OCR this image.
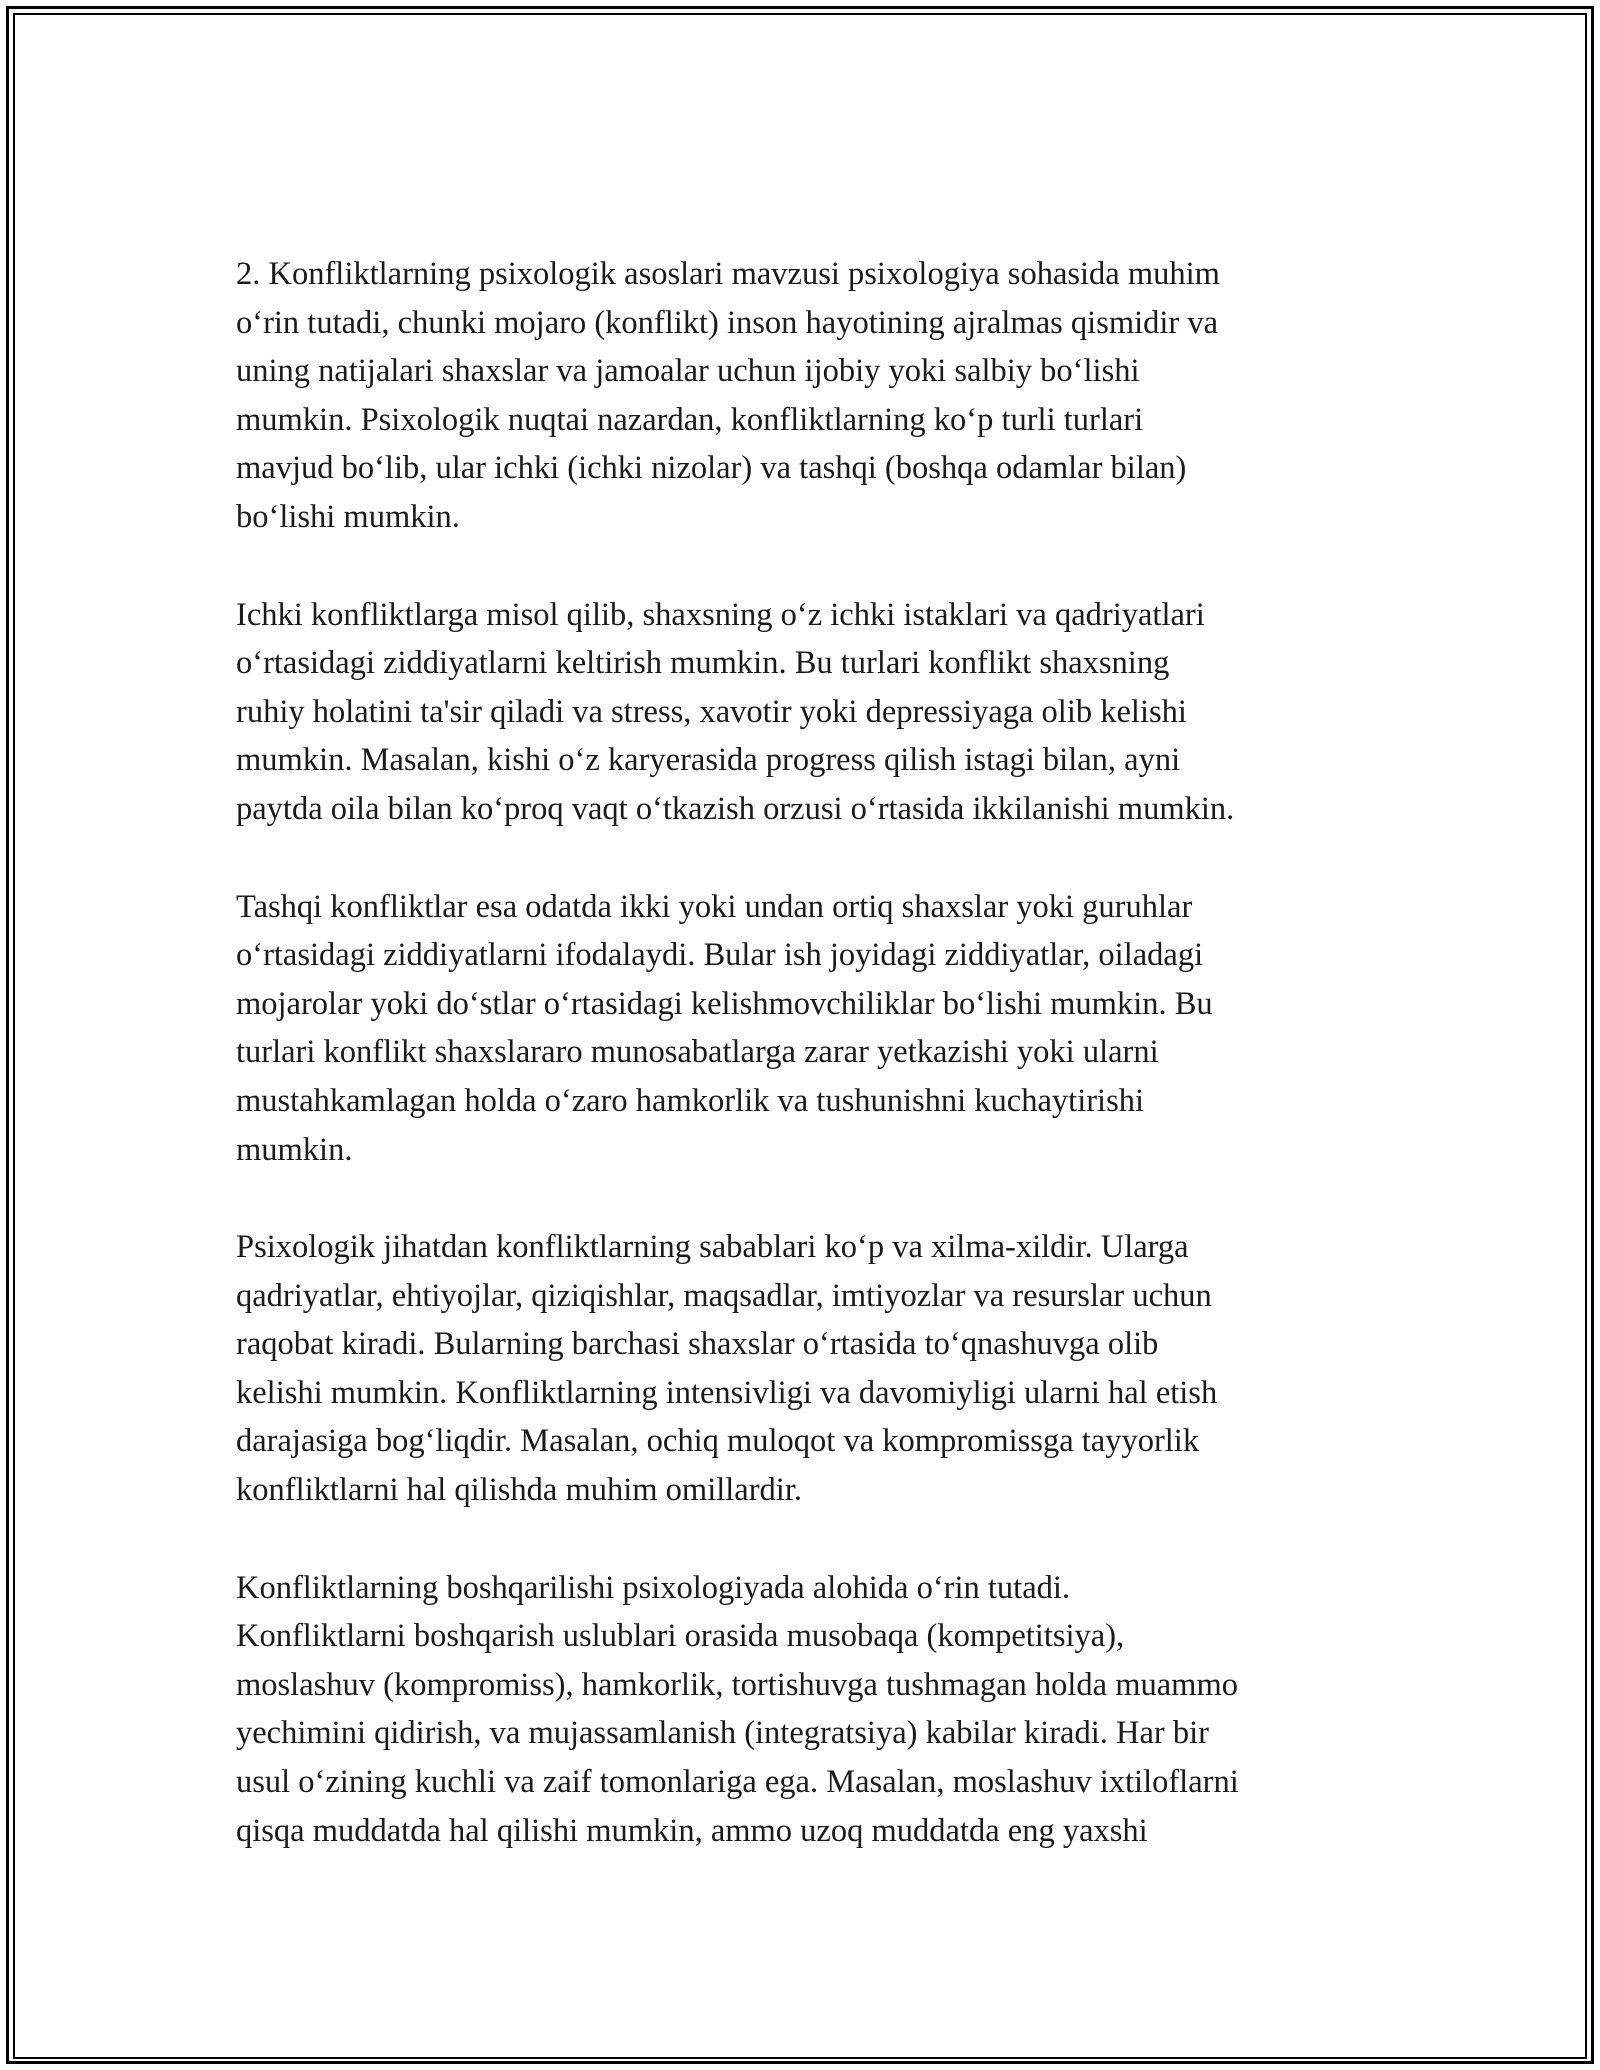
2. Konfliktlarning psixologik asoslari mavzusi psixologiya sohasida muhim
o‘rin tutadi, chunki mojaro (konflikt) inson hayotining ajralmas qismidir va
uning natijalari shaxslar va jamoalar uchun ijobiy yoki salbiy bo‘lishi
mumkin. Psixologik nuqtai nazardan, konfliktlarning ko‘p turli turlari
mavjud bo‘lib, ular ichki (ichki nizolar) va tashqi (boshqa odamlar bilan)
bo‘lishi mumkin.

Ichki konfliktlarga misol qilib, shaxsning o‘z ichki istaklari va qadriyatlari
o‘rtasidagi ziddiyatlarni keltirish mumkin. Bu turlari konflikt shaxsning
ruhiy holatini ta'sir qiladi va stress, xavotir yoki depressiyaga olib kelishi
mumkin. Masalan, kishi o‘z karyerasida progress qilish istagi bilan, ayni
paytda oila bilan ko‘proq vaqt o‘tkazish orzusi o‘rtasida ikkilanishi mumkin.

Tashqi konfliktlar esa odatda ikki yoki undan ortiq shaxslar yoki guruhlar
o‘rtasidagi ziddiyatlarni ifodalaydi. Bular ish joyidagi ziddiyatlar, oiladagi
mojarolar yoki do‘stlar o‘rtasidagi kelishmovchiliklar bo‘lishi mumkin. Bu
turlari konflikt shaxslararo munosabatlarga zarar yetkazishi yoki ularni
mustahkamlagan holda o‘zaro hamkorlik va tushunishni kuchaytirishi
mumkin.

Psixologik jihatdan konfliktlarning sabablari ko‘p va xilma-xildir. Ularga
qadriyatlar, ehtiyojlar, qiziqishlar, maqsadlar, imtiyozlar va resurslar uchun
raqobat kiradi. Bularning barchasi shaxslar o‘rtasida to‘qnashuvga olib
kelishi mumkin. Konfliktlarning intensivligi va davomiyligi ularni hal etish
darajasiga bog‘liqdir. Masalan, ochiq muloqot va kompromissga tayyorlik
konfliktlarni hal qilishda muhim omillardir.

Konfliktlarning boshqarilishi psixologiyada alohida o‘rin tutadi.
Konfliktlarni boshqarish uslublari orasida musobaqa (kompetitsiya),
moslashuv (kompromiss), hamkorlik, tortishuvga tushmagan holda muammo
yechimini qidirish, va mujassamlanish (integratsiya) kabilar kiradi. Har bir
usul o‘zining kuchli va zaif tomonlariga ega. Masalan, moslashuv ixtiloflarni
qisqa muddatda hal qilishi mumkin, ammo uzoq muddatda eng yaxshi
